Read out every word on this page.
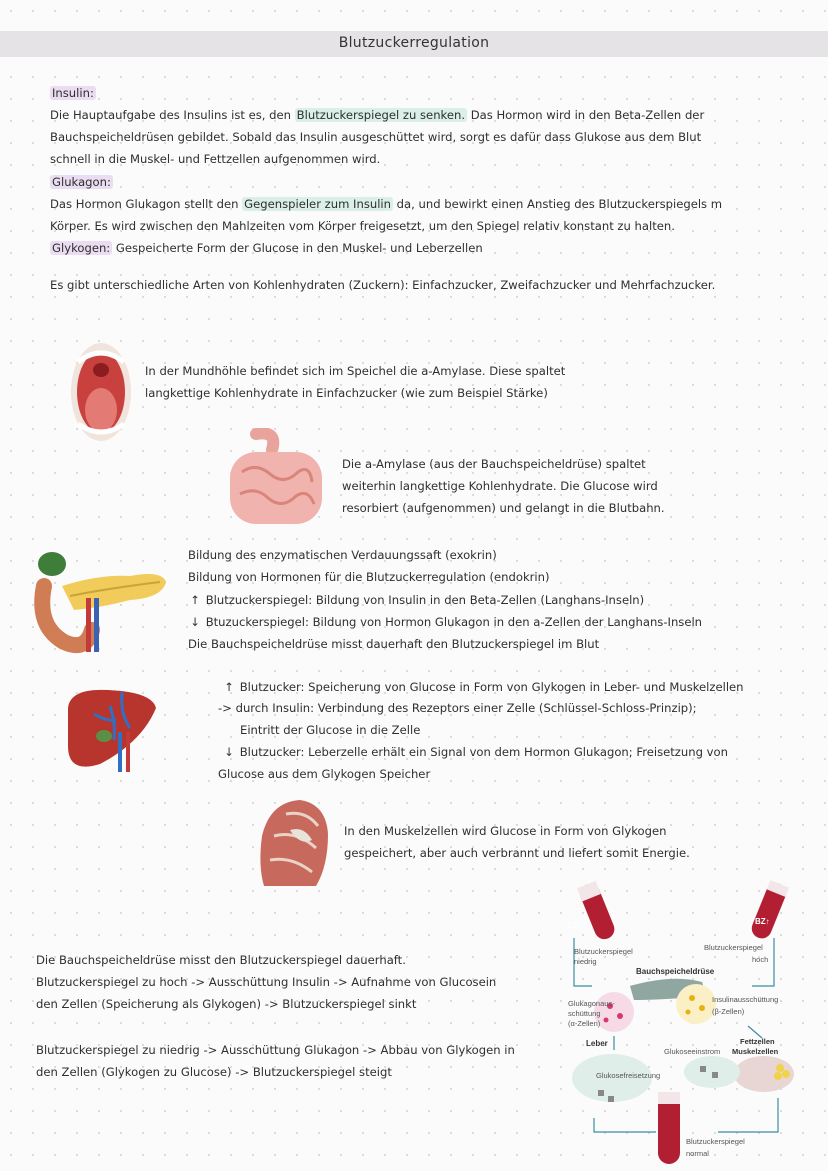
Blutzuckerregulation
Insulin:
Die Hauptaufgabe des Insulins ist es, den Blutzuckerspiegel zu senken. Das Hormon wird in den Beta-Zellen der
Bauchspeicheldrüsen gebildet. Sobald das Insulin ausgeschüttet wird, sorgt es dafür dass Glukose aus dem Blut
schnell in die Muskel- und Fettzellen aufgenommen wird.
Glukagon:
Das Hormon Glukagon stellt den Gegenspieler zum Insulin da, und bewirkt einen Anstieg des Blutzuckerspiegels m
Körper. Es wird zwischen den Mahlzeiten vom Körper freigesetzt, um den Spiegel relativ konstant zu halten.
Glykogen: Gespeicherte Form der Glucose in den Muskel- und Leberzellen
Es gibt unterschiedliche Arten von Kohlenhydraten (Zuckern): Einfachzucker, Zweifachzucker und Mehrfachzucker.
In der Mundhöhle befindet sich im Speichel die a-Amylase. Diese spaltet
langkettige Kohlenhydrate in Einfachzucker (wie zum Beispiel Stärke)
Die a-Amylase (aus der Bauchspeicheldrüse) spaltet
weiterhin langkettige Kohlenhydrate. Die Glucose wird
resorbiert (aufgenommen) und gelangt in die Blutbahn.
Bildung des enzymatischen Verdauungssaft (exokrin)
Bildung von Hormonen für die Blutzuckerregulation (endokrin)
↑ Blutzuckerspiegel: Bildung von Insulin in den Beta-Zellen (Langhans-Inseln)
↓ Btuzuckerspiegel: Bildung von Hormon Glukagon in den a-Zellen der Langhans-Inseln
Die Bauchspeicheldrüse misst dauerhaft den Blutzuckerspiegel im Blut
↑ Blutzucker: Speicherung von Glucose in Form von Glykogen in Leber- und Muskelzellen
-> durch Insulin: Verbindung des Rezeptors einer Zelle (Schlüssel-Schloss-Prinzip);
Eintritt der Glucose in die Zelle
↓ Blutzucker: Leberzelle erhält ein Signal von dem Hormon Glukagon; Freisetzung von
Glucose aus dem Glykogen Speicher
In den Muskelzellen wird Glucose in Form von Glykogen
gespeichert, aber auch verbrannt und liefert somit Energie.
Die Bauchspeicheldrüse misst den Blutzuckerspiegel dauerhaft.
Blutzuckerspiegel zu hoch -> Ausschüttung Insulin -> Aufnahme von Glucosein
den Zellen (Speicherung als Glykogen) -> Blutzuckerspiegel sinkt
Blutzuckerspiegel zu niedrig -> Ausschüttung Glukagon -> Abbau von Glykogen in
den Zellen (Glykogen zu Glucose) -> Blutzuckerspiegel steigt
BZ↓
Blutzuckerspiegel
niedrig
BZ↑
Blutzuckerspiegel
hoch
Bauchspeicheldrüse
Glukagonaus-
schüttung
(α-Zellen)
Insulinausschüttung
(β-Zellen)
Leber
Glukosefreisetzung
Fettzellen
Muskelzellen
Glukoseeinstrom
Blutzuckerspiegel
normal
